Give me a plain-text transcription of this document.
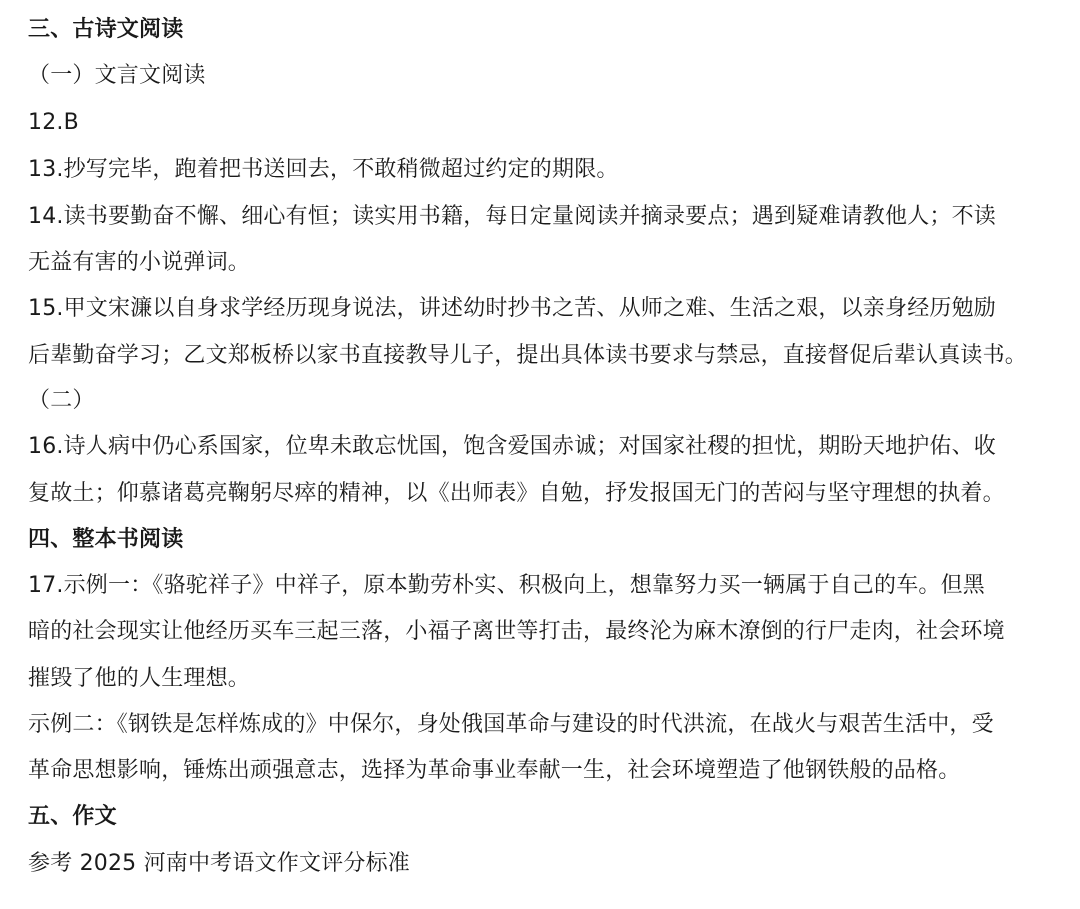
三、古诗文阅读
（一）文言文阅读
12.B
13.抄写完毕，跑着把书送回去，不敢稍微超过约定的期限。
14.读书要勤奋不懈、细心有恒；读实用书籍，每日定量阅读并摘录要点；遇到疑难请教他人；不读
无益有害的小说弹词。
15.甲文宋濂以自身求学经历现身说法，讲述幼时抄书之苦、从师之难、生活之艰，以亲身经历勉励
后辈勤奋学习；乙文郑板桥以家书直接教导儿子，提出具体读书要求与禁忌，直接督促后辈认真读书。
（二）
16.诗人病中仍心系国家，位卑未敢忘忧国，饱含爱国赤诚；对国家社稷的担忧，期盼天地护佑、收
复故土；仰慕诸葛亮鞠躬尽瘁的精神，以《出师表》自勉，抒发报国无门的苦闷与坚守理想的执着。
四、整本书阅读
17.示例一：《骆驼祥子》中祥子，原本勤劳朴实、积极向上，想靠努力买一辆属于自己的车。但黑
暗的社会现实让他经历买车三起三落，小福子离世等打击，最终沦为麻木潦倒的行尸走肉，社会环境
摧毁了他的人生理想。
示例二：《钢铁是怎样炼成的》中保尔，身处俄国革命与建设的时代洪流，在战火与艰苦生活中，受
革命思想影响，锤炼出顽强意志，选择为革命事业奉献一生，社会环境塑造了他钢铁般的品格。
五、作文
参考 2025 河南中考语文作文评分标准
